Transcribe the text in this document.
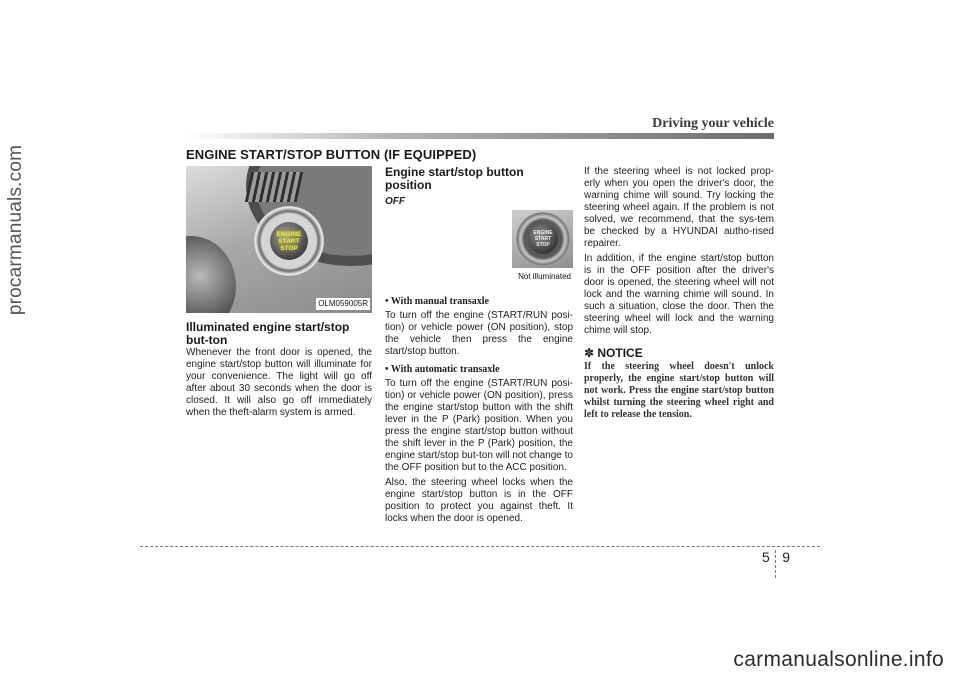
procarmanuals.com
Driving your vehicle
ENGINE START/STOP BUTTON (IF EQUIPPED)
ENGINE
START
STOP
OLM059005R
Illuminated engine start/stop but-ton

Whenever the front door is opened, the engine start/stop button will illuminate for your convenience. The light will go off after about 30 seconds when the door is closed. It will also go off immediately when the theft-alarm system is armed.

Engine start/stop button position
OFF
ENGINE
START
STOP
Not illuminated
• With manual transaxle

To turn off the engine (START/RUN posi-tion) or vehicle power (ON position), stop the vehicle then press the engine start/stop button.

• With automatic transaxle

To turn off the engine (START/RUN posi-tion) or vehicle power (ON position), press the engine start/stop button with the shift lever in the P (Park) position. When you press the engine start/stop button without the shift lever in the P (Park) position, the engine start/stop but-ton will not change to the OFF position but to the ACC position.

Also, the steering wheel locks when the engine start/stop button is in the OFF position to protect you against theft. It locks when the door is opened.

If the steering wheel is not locked prop-erly when you open the driver's door, the warning chime will sound. Try locking the steering wheel again. If the problem is not solved, we recommend, that the sys-tem be checked by a HYUNDAI autho-rised repairer.

In addition, if the engine start/stop button is in the OFF position after the driver's door is opened, the steering wheel will not lock and the warning chime will sound. In such a situation, close the door. Then the steering wheel will lock and the warning chime will stop.

✽ NOTICE
If the steering wheel doesn't unlock properly, the engine start/stop button will not work. Press the engine start/stop button whilst turning the steering wheel right and left to release the tension.
5 9
carmanualsonline.info
